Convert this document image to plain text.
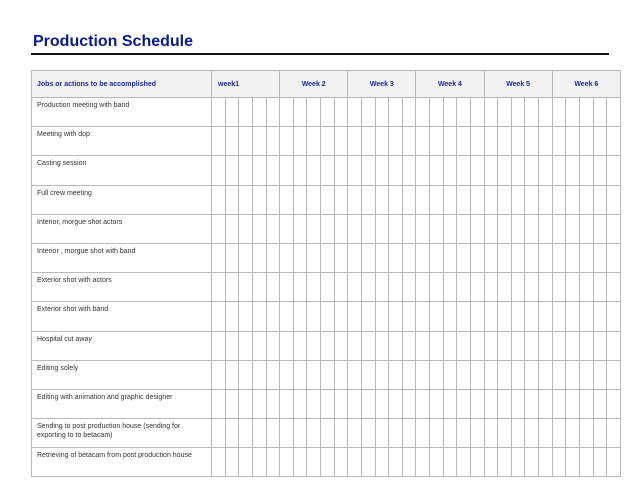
Production Schedule
Jobs or actions to be accomplished	week1					Week 2					Week 3					Week 4					Week 5					Week 6				
Production meeting with band																														
Meeting with dop																														
Casting session																														
Full crew meeting																														
Interior, morgue shot actors																														
Interior , morgue shot with band																														
Exterior shot with actors																														
Exterior shot with band																														
Hospital cut away																														
Editing solely																														
Editing with animation and graphic designer																														
Sending to post production house (sending for exporting to to betacam)																														
Retrieving of betacam from post production house																														
